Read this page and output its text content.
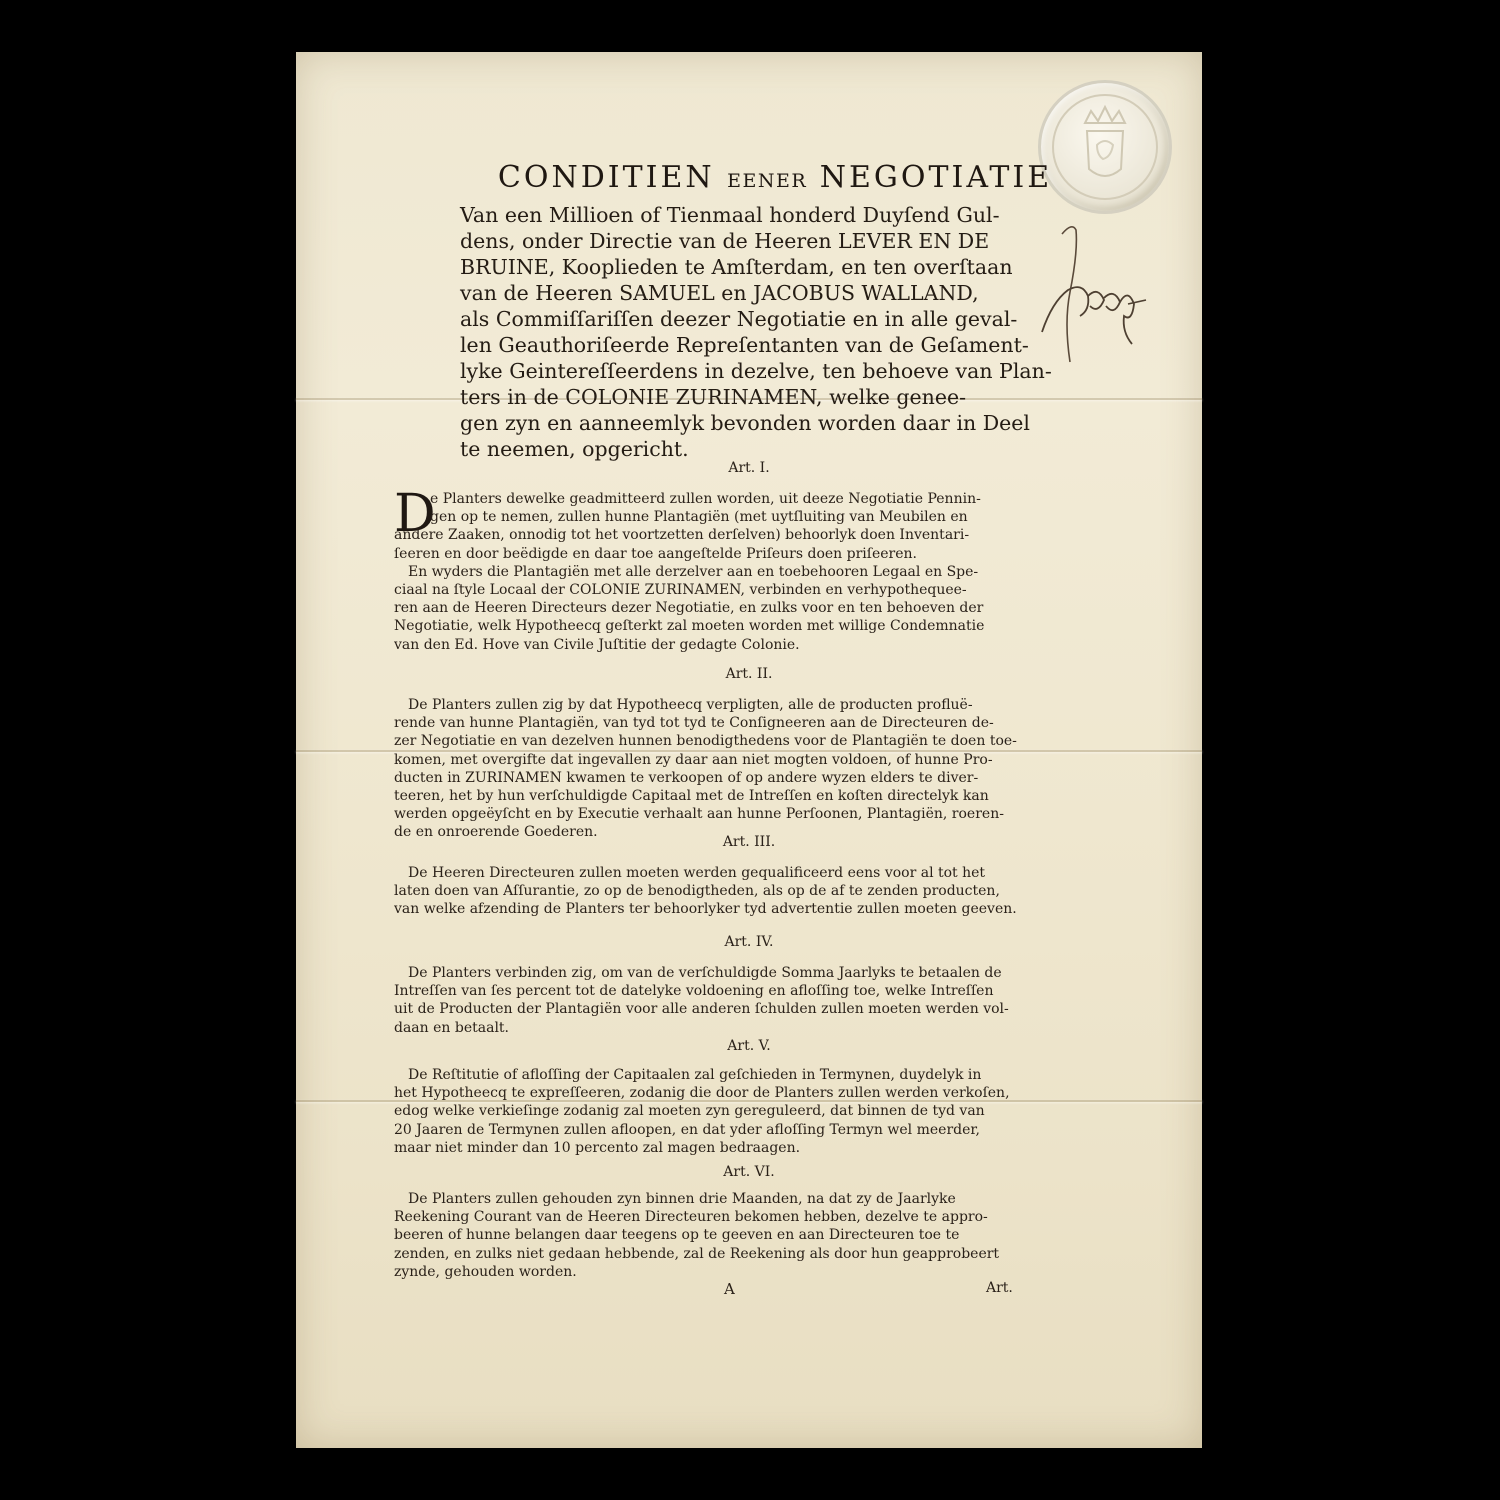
CONDITIEN EENER NEGOTIATIE
Van een Millioen of Tienmaal honderd Duyſend Gul-
dens, onder Directie van de Heeren LEVER EN DE
BRUINE, Kooplieden te Amſterdam, en ten overſtaan
van de Heeren SAMUEL en JACOBUS WALLAND,
als Commiſſariſſen deezer Negotiatie en in alle geval-
len Geauthoriſeerde Repreſentanten van de Geſament-
lyke Geintereſſeerdens in dezelve, ten behoeve van Plan-
ters in de COLONIE ZURINAMEN, welke genee-
gen zyn en aanneemlyk bevonden worden daar in Deel
te neemen, opgericht.
Art. I.
D
e Planters dewelke geadmitteerd zullen worden, uit deeze Negotiatie Pennin-
gen op te nemen, zullen hunne Plantagiën (met uytſluiting van Meubilen en
andere Zaaken, onnodig tot het voortzetten derſelven) behoorlyk doen Inventari-
ſeeren en door beëdigde en daar toe aangeſtelde Priſeurs doen priſeeren.
En wyders die Plantagiën met alle derzelver aan en toebehooren Legaal en Spe-
ciaal na ſtyle Locaal der COLONIE ZURINAMEN, verbinden en verhypothequee-
ren aan de Heeren Directeurs dezer Negotiatie, en zulks voor en ten behoeven der
Negotiatie, welk Hypotheecq geſterkt zal moeten worden met willige Condemnatie
van den Ed. Hove van Civile Juſtitie der gedagte Colonie.
Art. II.
De Planters zullen zig by dat Hypotheecq verpligten, alle de producten profluë-
rende van hunne Plantagiën, van tyd tot tyd te Conſigneeren aan de Directeuren de-
zer Negotiatie en van dezelven hunnen benodigthedens voor de Plantagiën te doen toe-
komen, met overgifte dat ingevallen zy daar aan niet mogten voldoen, of hunne Pro-
ducten in ZURINAMEN kwamen te verkoopen of op andere wyzen elders te diver-
teeren, het by hun verſchuldigde Capitaal met de Intreſſen en koſten directelyk kan
werden opgeëyſcht en by Executie verhaalt aan hunne Perſoonen, Plantagiën, roeren-
de en onroerende Goederen.
Art. III.
De Heeren Directeuren zullen moeten werden gequalificeerd eens voor al tot het
laten doen van Aſſurantie, zo op de benodigtheden, als op de af te zenden producten,
van welke afzending de Planters ter behoorlyker tyd advertentie zullen moeten geeven.
Art. IV.
De Planters verbinden zig, om van de verſchuldigde Somma Jaarlyks te betaalen de
Intreſſen van ſes percent tot de datelyke voldoening en afloſſing toe, welke Intreſſen
uit de Producten der Plantagiën voor alle anderen ſchulden zullen moeten werden vol-
daan en betaalt.
Art. V.
De Reſtitutie of afloſſing der Capitaalen zal geſchieden in Termynen, duydelyk in
het Hypotheecq te expreſſeeren, zodanig die door de Planters zullen werden verkoſen,
edog welke verkieſinge zodanig zal moeten zyn gereguleerd, dat binnen de tyd van
20 Jaaren de Termynen zullen afloopen, en dat yder afloſſing Termyn wel meerder,
maar niet minder dan 10 percento zal magen bedraagen.
Art. VI.
De Planters zullen gehouden zyn binnen drie Maanden, na dat zy de Jaarlyke
Reekening Courant van de Heeren Directeuren bekomen hebben, dezelve te appro-
beeren of hunne belangen daar teegens op te geeven en aan Directeuren toe te
zenden, en zulks niet gedaan hebbende, zal de Reekening als door hun geapprobeert
zynde, gehouden worden.
A	Art.
